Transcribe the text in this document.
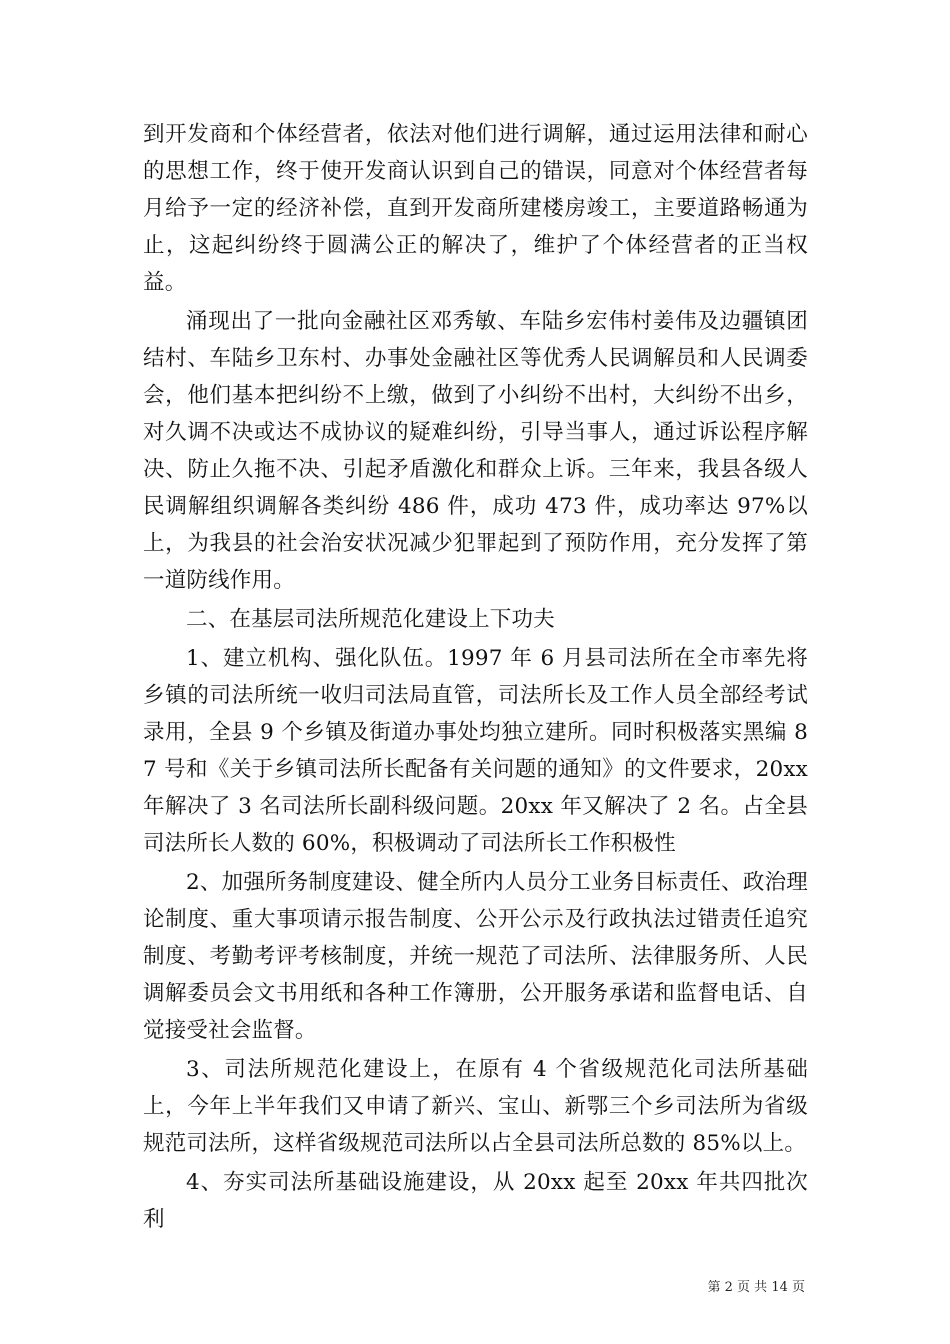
到开发商和个体经营者，依法对他们进行调解，通过运用法律和耐心的思想工作，终于使开发商认识到自己的错误，同意对个体经营者每月给予一定的经济补偿，直到开发商所建楼房竣工，主要道路畅通为止，这起纠纷终于圆满公正的解决了，维护了个体经营者的正当权益。

涌现出了一批向金融社区邓秀敏、车陆乡宏伟村姜伟及边疆镇团结村、车陆乡卫东村、办事处金融社区等优秀人民调解员和人民调委会，他们基本把纠纷不上缴，做到了小纠纷不出村，大纠纷不出乡，对久调不决或达不成协议的疑难纠纷，引导当事人，通过诉讼程序解决、防止久拖不决、引起矛盾激化和群众上诉。三年来，我县各级人民调解组织调解各类纠纷 486 件，成功 473 件，成功率达 97%以上，为我县的社会治安状况减少犯罪起到了预防作用，充分发挥了第一道防线作用。

二、在基层司法所规范化建设上下功夫

1、建立机构、强化队伍。1997 年 6 月县司法所在全市率先将乡镇的司法所统一收归司法局直管，司法所长及工作人员全部经考试录用，全县 9 个乡镇及街道办事处均独立建所。同时积极落实黑编 87 号和《关于乡镇司法所长配备有关问题的通知》的文件要求，20xx 年解决了 3 名司法所长副科级问题。20xx 年又解决了 2 名。占全县司法所长人数的 60%，积极调动了司法所长工作积极性

2、加强所务制度建设、健全所内人员分工业务目标责任、政治理论制度、重大事项请示报告制度、公开公示及行政执法过错责任追究制度、考勤考评考核制度，并统一规范了司法所、法律服务所、人民调解委员会文书用纸和各种工作簿册，公开服务承诺和监督电话、自觉接受社会监督。

3、司法所规范化建设上，在原有 4 个省级规范化司法所基础上，今年上半年我们又申请了新兴、宝山、新鄂三个乡司法所为省级规范司法所，这样省级规范司法所以占全县司法所总数的 85%以上。

4、夯实司法所基础设施建设，从 20xx 起至 20xx 年共四批次利

第 2 页 共 14 页
